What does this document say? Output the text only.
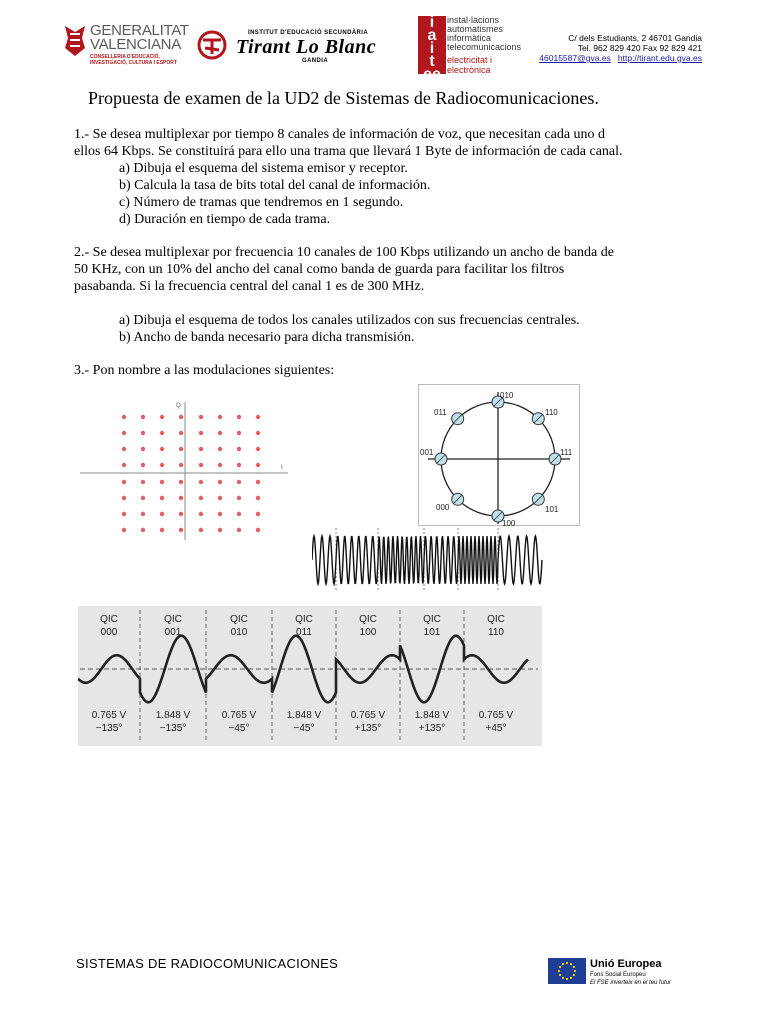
GENERALITAT
VALENCIANA
CONSELLERIA D'EDUCACIÓ,
INVESTIGACIÓ, CULTURA I ESPORT
INSTITUT D'EDUCACIÓ SECUNDÀRIA
Tirant Lo Blanc
GANDIA
i
a
i
t
ee
instal·lacions
automatismes
informàtica
telecomunicacions
electricitat i
electrònica
C/ dels Estudiants, 2 46701 Gandia
Tel. 962 829 420 Fax 92 829 421
46015587@gva.es http://tirant.edu.gva.es
Propuesta de examen de la UD2 de Sistemas de Radiocomunicaciones.
1.- Se desea multiplexar por tiempo 8 canales de información de voz, que necesitan cada uno d
ellos 64 Kbps. Se constituirá para ello una trama que llevará 1 Byte de información de cada canal.
a) Dibuja el esquema del sistema emisor y receptor.
b) Calcula la tasa de bits total del canal de información.
c) Número de tramas que tendremos en 1 segundo.
d) Duración en tiempo de cada trama.
2.- Se desea multiplexar por frecuencia 10 canales de 100 Kbps utilizando un ancho de banda de
50 KHz, con un 10% del ancho del canal como banda de guarda para facilitar los filtros
pasabanda. Si la frecuencia central del canal 1 es de 300 MHz.
a) Dibuja el esquema de todos los canales utilizados con sus frecuencias centrales.
b) Ancho de banda necesario para dicha transmisión.
3.- Pon nombre a las modulaciones siguientes:
Q
I
010
110
111
101
100
000
001
011
QIC
000
0.765 V
−135°
QIC
001
1.848 V
−135°
QIC
010
0.765 V
−45°
QIC
011
1.848 V
−45°
QIC
100
0.765 V
+135°
QIC
101
1.848 V
+135°
QIC
110
0.765 V
+45°
SISTEMAS DE RADIOCOMUNICACIONES	Unió Europea
Fons Social Europeu
El FSE inverteix en el teu futur
